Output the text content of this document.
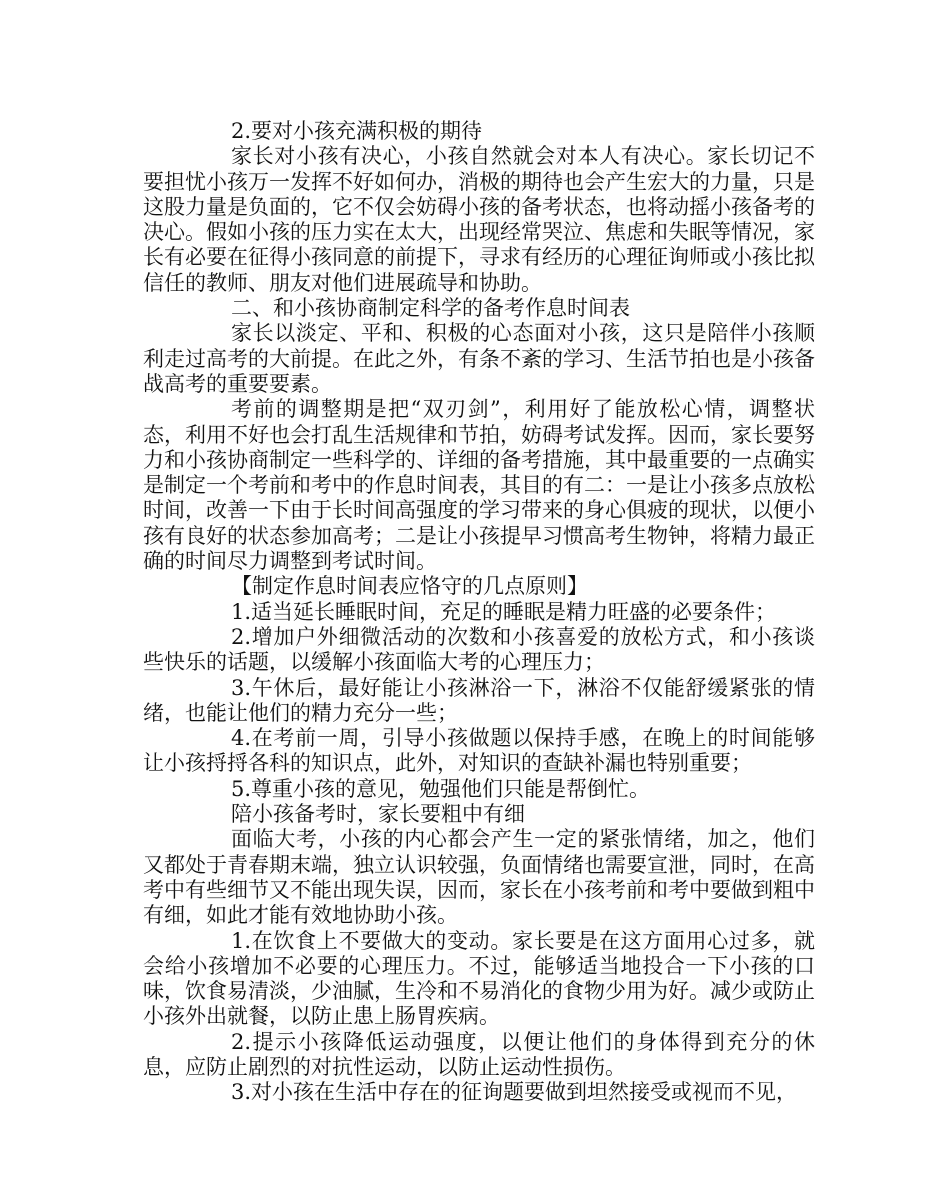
2.要对小孩充满积极的期待

家长对小孩有决心，小孩自然就会对本人有决心。家长切记不要担忧小孩万一发挥不好如何办，消极的期待也会产生宏大的力量，只是这股力量是负面的，它不仅会妨碍小孩的备考状态，也将动摇小孩备考的决心。假如小孩的压力实在太大，出现经常哭泣、焦虑和失眠等情况，家长有必要在征得小孩同意的前提下，寻求有经历的心理征询师或小孩比拟信任的教师、朋友对他们进展疏导和协助。

二、和小孩协商制定科学的备考作息时间表

家长以淡定、平和、积极的心态面对小孩，这只是陪伴小孩顺利走过高考的大前提。在此之外，有条不紊的学习、生活节拍也是小孩备战高考的重要要素。

考前的调整期是把“双刃剑”，利用好了能放松心情，调整状态，利用不好也会打乱生活规律和节拍，妨碍考试发挥。因而，家长要努力和小孩协商制定一些科学的、详细的备考措施，其中最重要的一点确实是制定一个考前和考中的作息时间表，其目的有二：一是让小孩多点放松时间，改善一下由于长时间高强度的学习带来的身心俱疲的现状，以便小孩有良好的状态参加高考；二是让小孩提早习惯高考生物钟，将精力最正确的时间尽力调整到考试时间。

【制定作息时间表应恪守的几点原则】

1.适当延长睡眠时间，充足的睡眠是精力旺盛的必要条件；

2.增加户外细微活动的次数和小孩喜爱的放松方式，和小孩谈些快乐的话题，以缓解小孩面临大考的心理压力；

3.午休后，最好能让小孩淋浴一下，淋浴不仅能舒缓紧张的情绪，也能让他们的精力充分一些；

4.在考前一周，引导小孩做题以保持手感，在晚上的时间能够让小孩捋捋各科的知识点，此外，对知识的查缺补漏也特别重要；

5.尊重小孩的意见，勉强他们只能是帮倒忙。

陪小孩备考时，家长要粗中有细

面临大考，小孩的内心都会产生一定的紧张情绪，加之，他们又都处于青春期末端，独立认识较强，负面情绪也需要宣泄，同时，在高考中有些细节又不能出现失误，因而，家长在小孩考前和考中要做到粗中有细，如此才能有效地协助小孩。

1.在饮食上不要做大的变动。家长要是在这方面用心过多，就会给小孩增加不必要的心理压力。不过，能够适当地投合一下小孩的口味，饮食易清淡，少油腻，生冷和不易消化的食物少用为好。减少或防止小孩外出就餐，以防止患上肠胃疾病。

2.提示小孩降低运动强度，以便让他们的身体得到充分的休息，应防止剧烈的对抗性运动，以防止运动性损伤。

3.对小孩在生活中存在的征询题要做到坦然接受或视而不见，
